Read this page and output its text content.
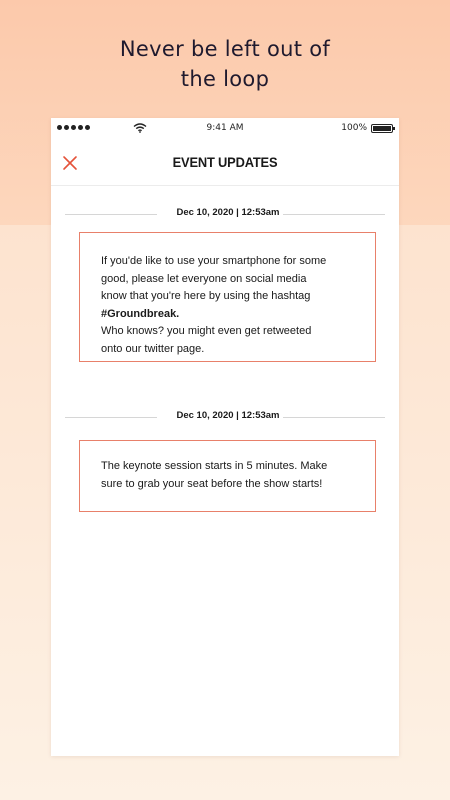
Never be left out of
the loop
9:41 AM	100%
EVENT UPDATES
Dec 10, 2020 | 12:53am

If you'de like to use your smartphone for some

good, please let everyone on social media

know that you're here by using the hashtag

#Groundbreak.

Who knows? you might even get retweeted

onto our twitter page.

Dec 10, 2020 | 12:53am

The keynote session starts in 5 minutes. Make

sure to grab your seat before the show starts!
